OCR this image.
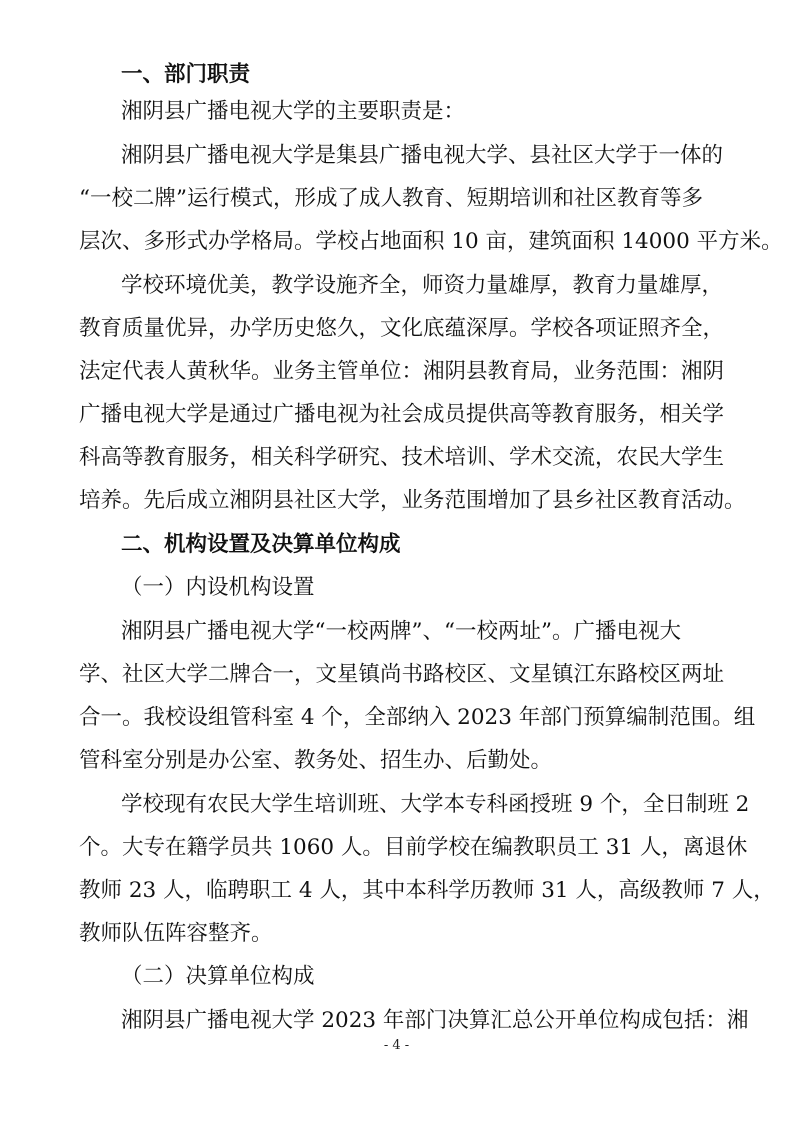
一、部门职责
湘阴县广播电视大学的主要职责是：
湘阴县广播电视大学是集县广播电视大学、县社区大学于一体的
“一校二牌”运行模式，形成了成人教育、短期培训和社区教育等多
层次、多形式办学格局。学校占地面积 10 亩，建筑面积 14000 平方米。
学校环境优美，教学设施齐全，师资力量雄厚，教育力量雄厚，
教育质量优异，办学历史悠久，文化底蕴深厚。学校各项证照齐全，
法定代表人黄秋华。业务主管单位：湘阴县教育局，业务范围：湘阴
广播电视大学是通过广播电视为社会成员提供高等教育服务，相关学
科高等教育服务，相关科学研究、技术培训、学术交流，农民大学生
培养。先后成立湘阴县社区大学，业务范围增加了县乡社区教育活动。
二、机构设置及决算单位构成
（一）内设机构设置
湘阴县广播电视大学“一校两牌”、“一校两址”。广播电视大
学、社区大学二牌合一，文星镇尚书路校区、文星镇江东路校区两址
合一。我校设组管科室 4 个，全部纳入 2023 年部门预算编制范围。组
管科室分别是办公室、教务处、招生办、后勤处。
学校现有农民大学生培训班、大学本专科函授班 9 个，全日制班 2
个。大专在籍学员共 1060 人。目前学校在编教职员工 31 人，离退休
教师 23 人，临聘职工 4 人，其中本科学历教师 31 人，高级教师 7 人，
教师队伍阵容整齐。
（二）决算单位构成
湘阴县广播电视大学 2023 年部门决算汇总公开单位构成包括：湘
- 4 -
